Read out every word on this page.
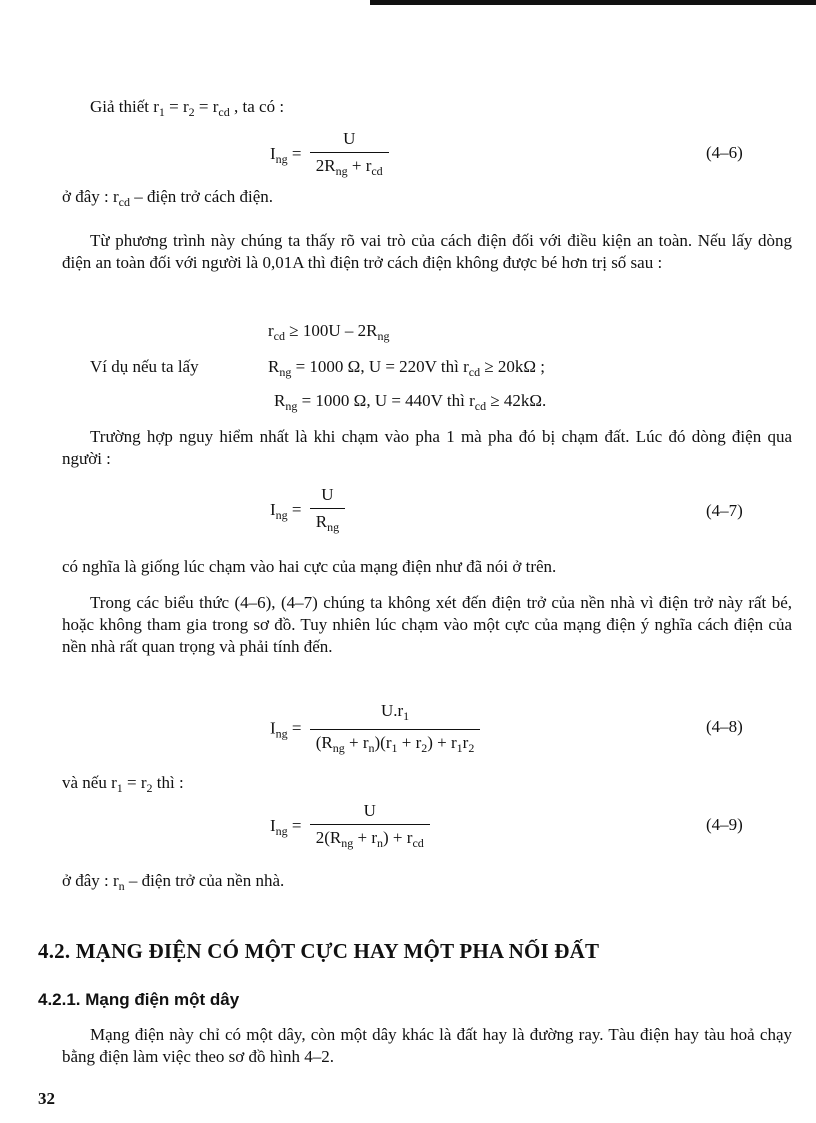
Giả thiết $r_1 = r_2 = r_{cd}$ , ta có :
$I_{ng} = \frac{U}{2R_{ng} + r_{cd}}$	(4–6)
ở đây : $r_{cd}$ – điện trở cách điện.
Từ phương trình này chúng ta thấy rõ vai trò của cách điện đối với điều kiện an toàn. Nếu lấy dòng điện an toàn đối với người là 0,01A thì điện trở cách điện không được bé hơn trị số sau :
$r_{cd} \ge 100U - 2R_{ng}$
Ví dụ nếu ta lấy	$R_{ng} = 1000$ Ω, U = 220V thì $r_{cd} \ge 20k\Omega$ ;
$R_{ng} = 1000$ Ω, U = 440V thì $r_{cd} \ge 42k\Omega$.
Trường hợp nguy hiểm nhất là khi chạm vào pha 1 mà pha đó bị chạm đất. Lúc đó dòng điện qua người :
$I_{ng} = \frac{U}{R_{ng}}$	(4–7)
có nghĩa là giống lúc chạm vào hai cực của mạng điện như đã nói ở trên.
Trong các biểu thức (4–6), (4–7) chúng ta không xét đến điện trở của nền nhà vì điện trở này rất bé, hoặc không tham gia trong sơ đồ. Tuy nhiên lúc chạm vào một cực của mạng điện ý nghĩa cách điện của nền nhà rất quan trọng và phải tính đến.
$I_{ng} = \frac{U.r_1}{(R_{ng} + r_n)(r_1 + r_2) + r_1r_2}$	(4–8)
và nếu $r_1 = r_2$ thì :
$I_{ng} = \frac{U}{2(R_{ng} + r_n) + r_{cd}}$	(4–9)
ở đây : $r_n$ – điện trở của nền nhà.
4.2. MẠNG ĐIỆN CÓ MỘT CỰC HAY MỘT PHA NỐI ĐẤT
4.2.1. Mạng điện một dây
Mạng điện này chỉ có một dây, còn một dây khác là đất hay là đường ray. Tàu điện hay tàu hoả chạy bằng điện làm việc theo sơ đồ hình 4–2.
32
